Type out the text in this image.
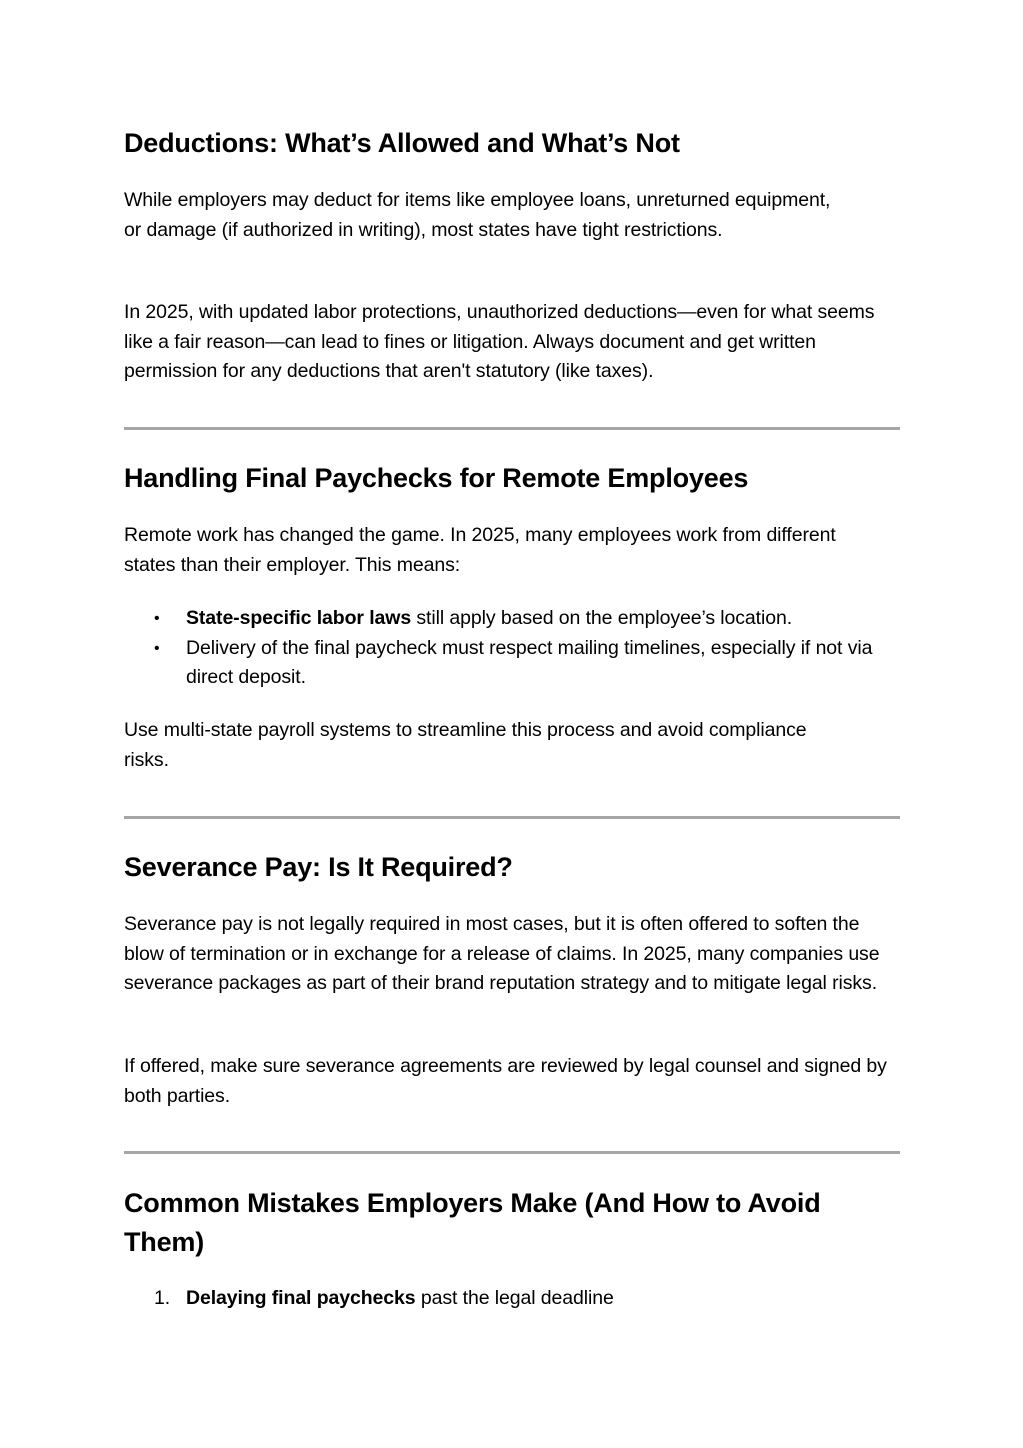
Deductions: What’s Allowed and What’s Not

While employers may deduct for items like employee loans, unreturned equipment, or damage (if authorized in writing), most states have tight restrictions.

In 2025, with updated labor protections, unauthorized deductions—even for what seems like a fair reason—can lead to fines or litigation. Always document and get written permission for any deductions that aren't statutory (like taxes).

Handling Final Paychecks for Remote Employees

Remote work has changed the game. In 2025, many employees work from different states than their employer. This means:

• State-specific labor laws still apply based on the employee’s location.
• Delivery of the final paycheck must respect mailing timelines, especially if not via direct deposit.

Use multi-state payroll systems to streamline this process and avoid compliance risks.

Severance Pay: Is It Required?

Severance pay is not legally required in most cases, but it is often offered to soften the blow of termination or in exchange for a release of claims. In 2025, many companies use severance packages as part of their brand reputation strategy and to mitigate legal risks.

If offered, make sure severance agreements are reviewed by legal counsel and signed by both parties.

Common Mistakes Employers Make (And How to Avoid Them)
1. Delaying final paychecks past the legal deadline
